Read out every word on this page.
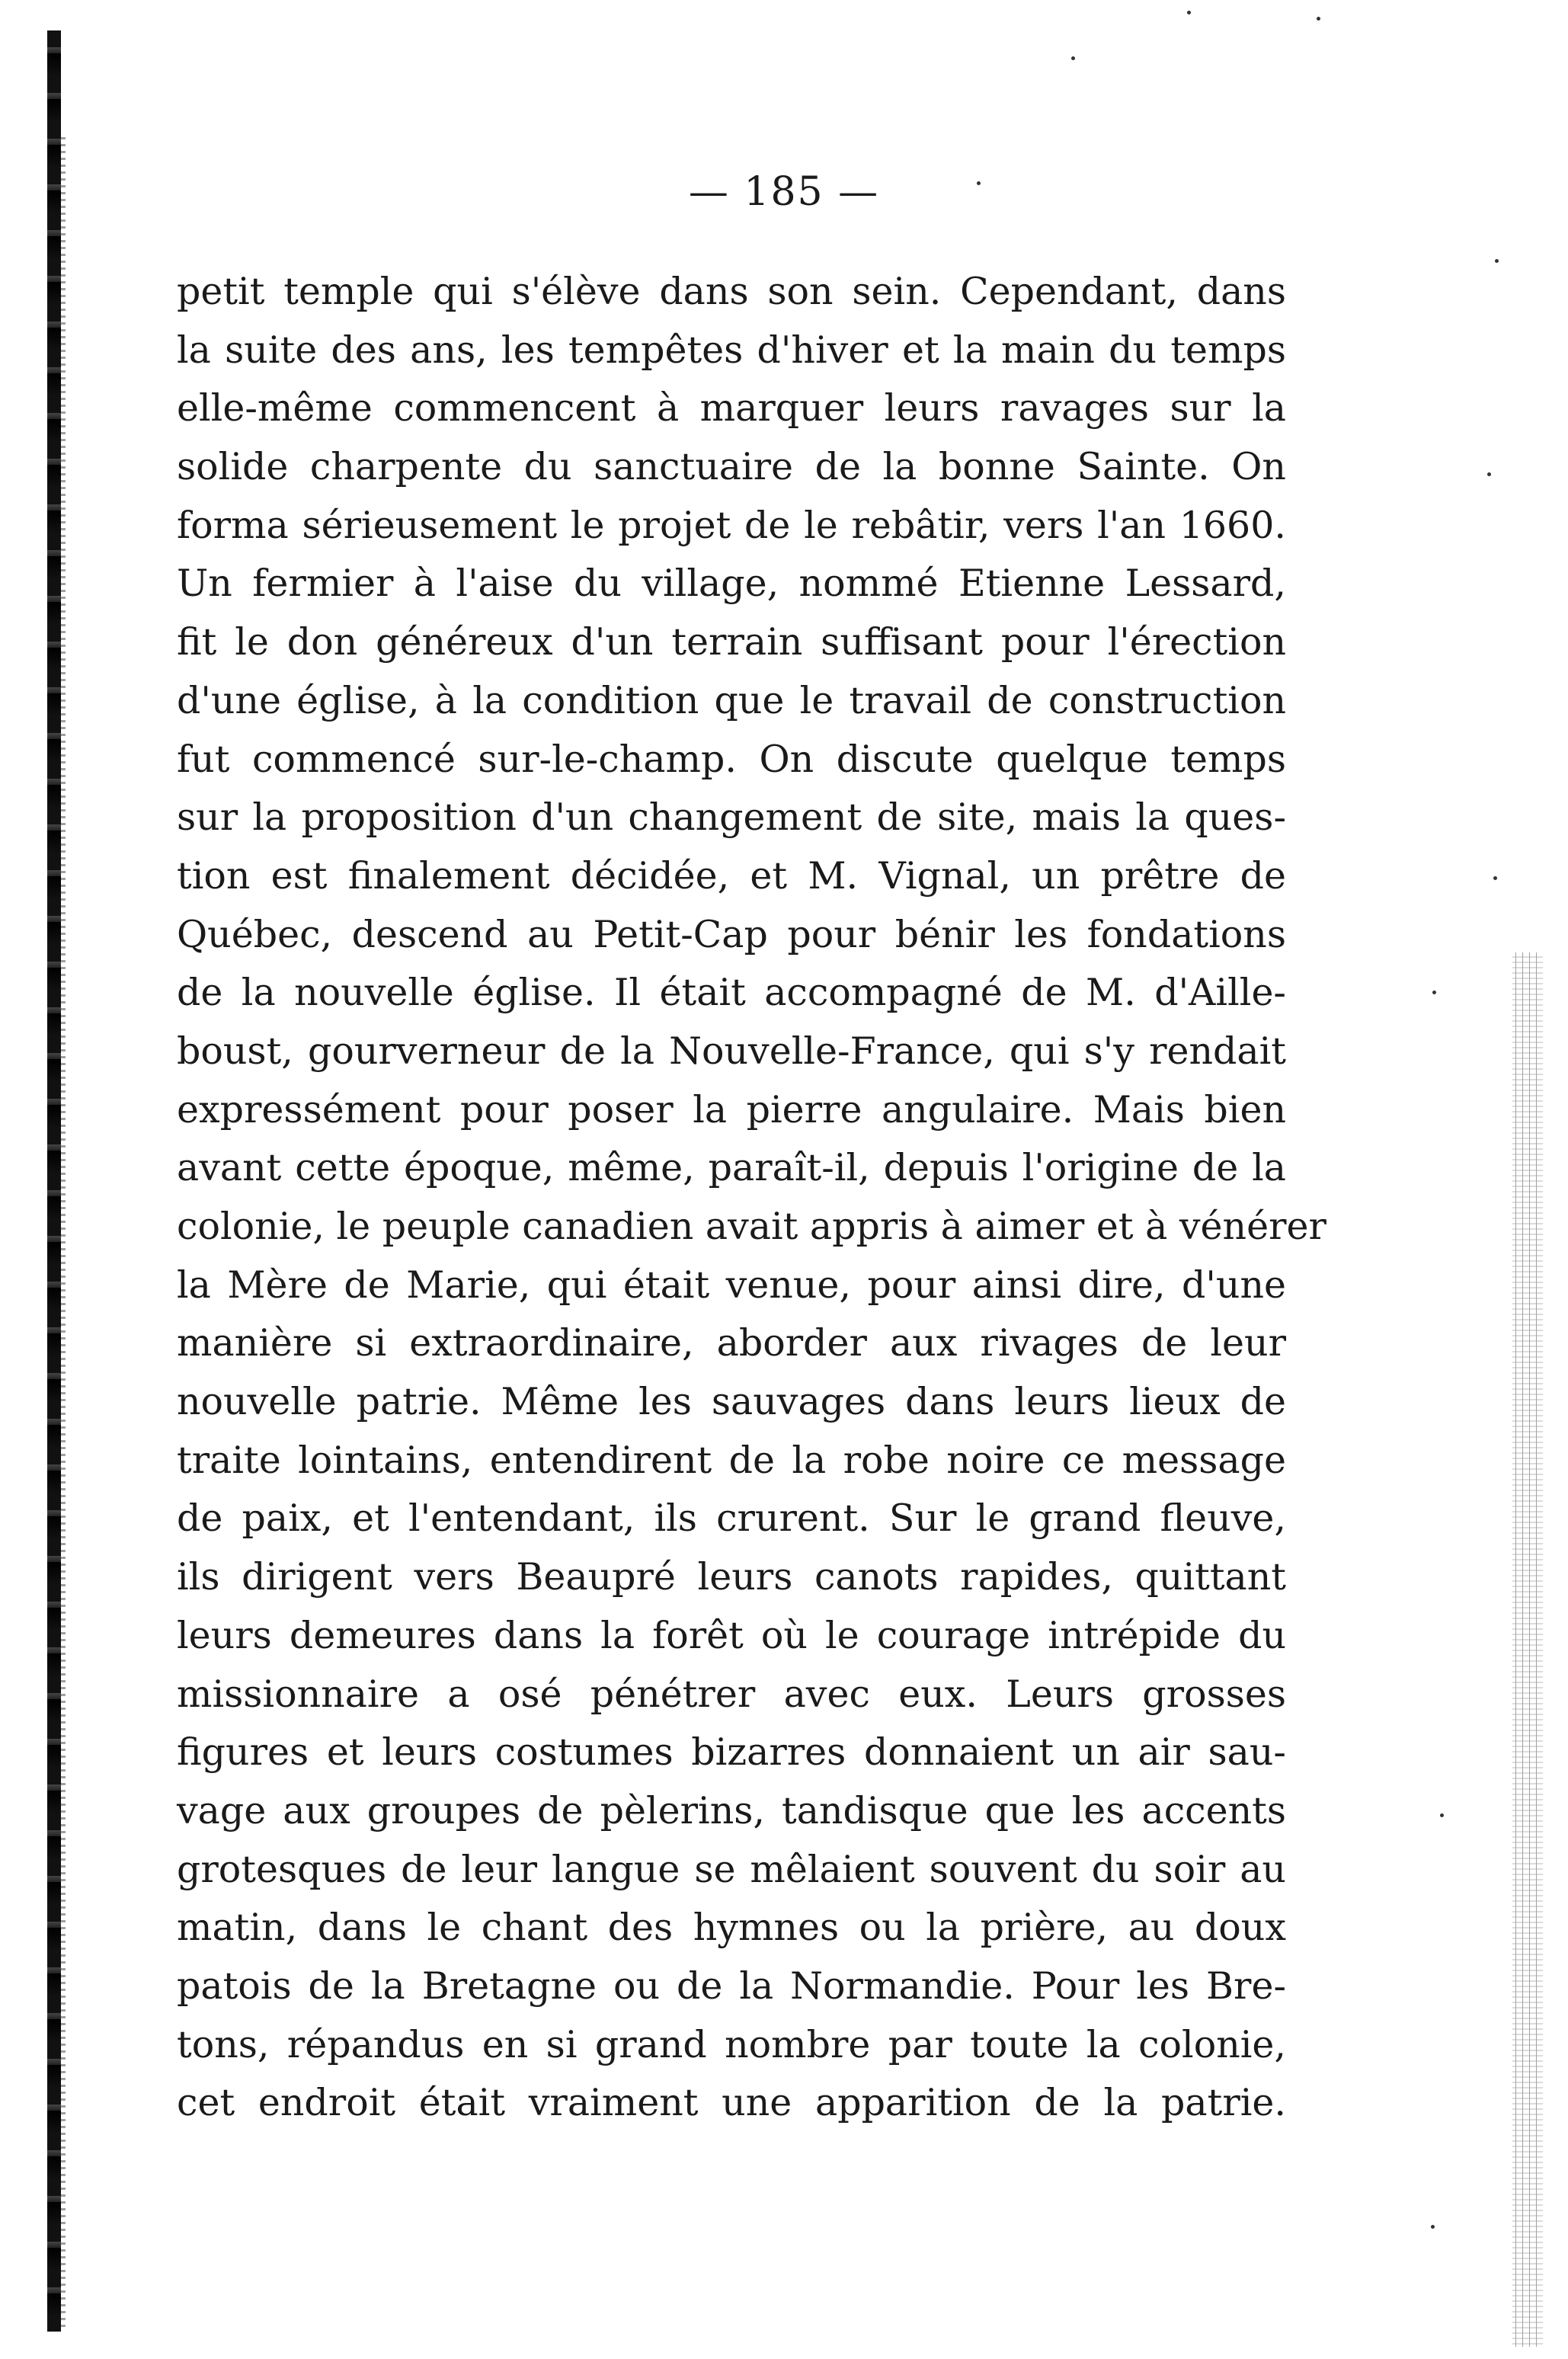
— 185 —
petit temple qui s'élève dans son sein. Cependant, dans
la suite des ans, les tempêtes d'hiver et la main du temps
elle-même commencent à marquer leurs ravages sur la
solide charpente du sanctuaire de la bonne Sainte. On
forma sérieusement le projet de le rebâtir, vers l'an 1660.
Un fermier à l'aise du village, nommé Etienne Lessard,
fit le don généreux d'un terrain suffisant pour l'érection
d'une église, à la condition que le travail de construction
fut commencé sur-le-champ. On discute quelque temps
sur la proposition d'un changement de site, mais la ques-
tion est finalement décidée, et M. Vignal, un prêtre de
Québec, descend au Petit-Cap pour bénir les fondations
de la nouvelle église. Il était accompagné de M. d'Aille-
boust, gourverneur de la Nouvelle-France, qui s'y rendait
expressément pour poser la pierre angulaire. Mais bien
avant cette époque, même, paraît-il, depuis l'origine de la
colonie, le peuple canadien avait appris à aimer et à vénérer
la Mère de Marie, qui était venue, pour ainsi dire, d'une
manière si extraordinaire, aborder aux rivages de leur
nouvelle patrie. Même les sauvages dans leurs lieux de
traite lointains, entendirent de la robe noire ce message
de paix, et l'entendant, ils crurent. Sur le grand fleuve,
ils dirigent vers Beaupré leurs canots rapides, quittant
leurs demeures dans la forêt où le courage intrépide du
missionnaire a osé pénétrer avec eux. Leurs grosses
figures et leurs costumes bizarres donnaient un air sau-
vage aux groupes de pèlerins, tandisque que les accents
grotesques de leur langue se mêlaient souvent du soir au
matin, dans le chant des hymnes ou la prière, au doux
patois de la Bretagne ou de la Normandie. Pour les Bre-
tons, répandus en si grand nombre par toute la colonie,
cet endroit était vraiment une apparition de la patrie.
